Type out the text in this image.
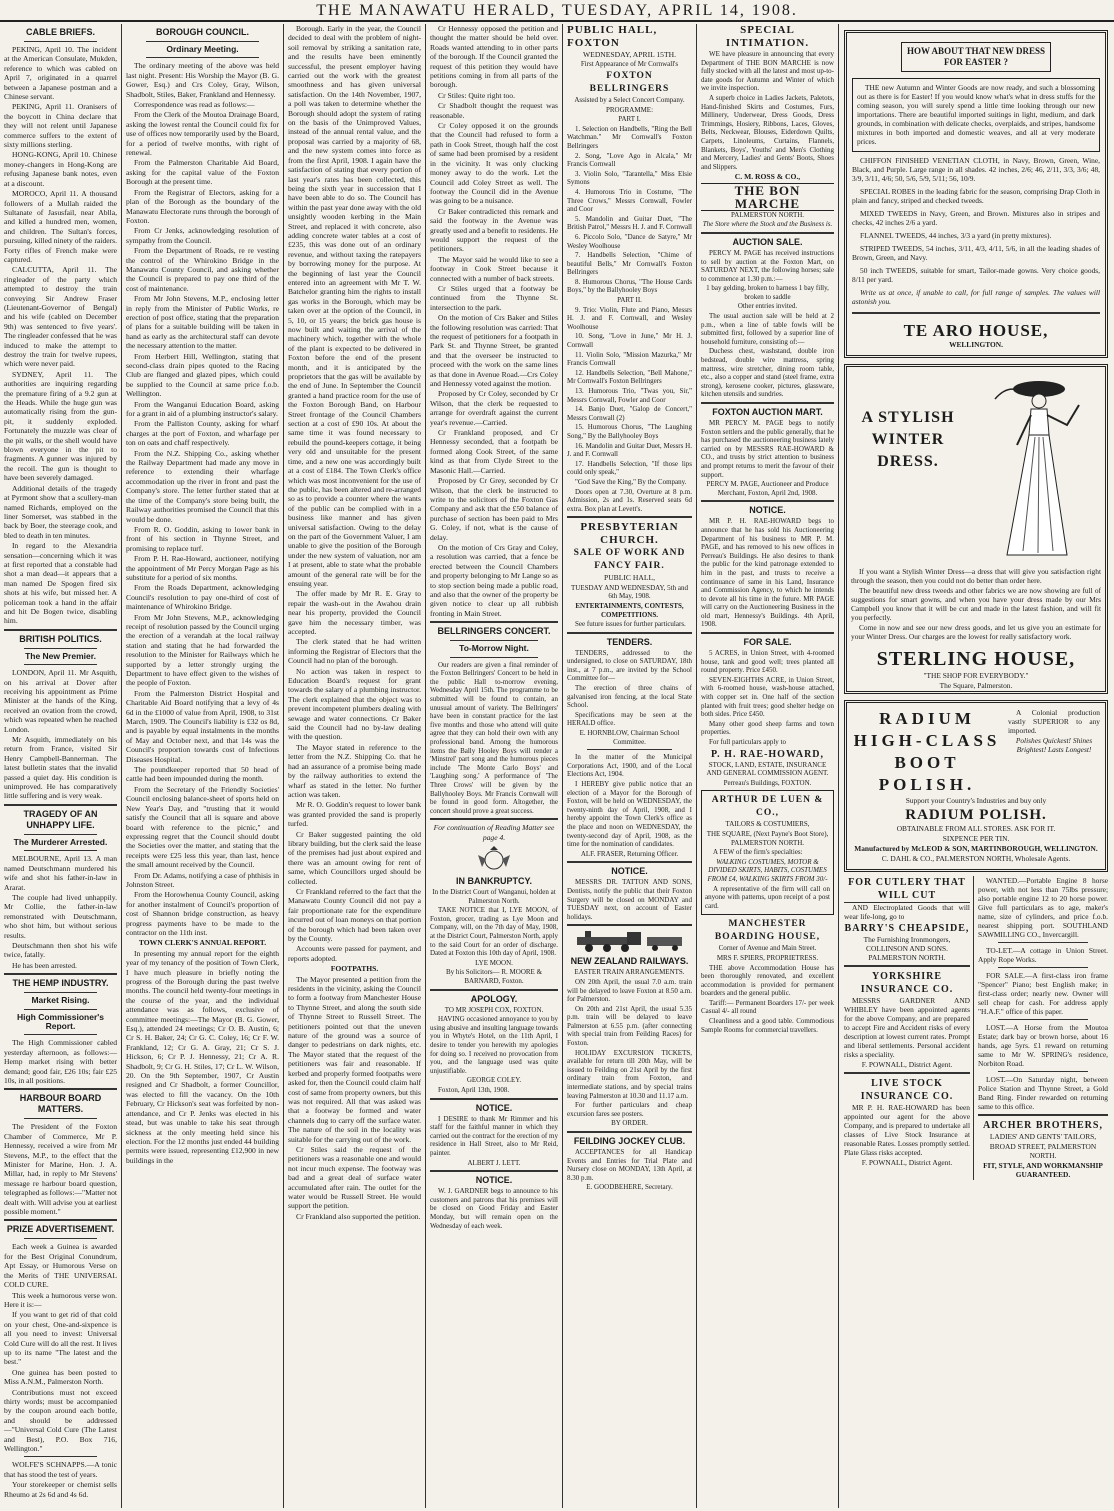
THE MANAWATU HERALD, TUESDAY, APRIL 14, 1908.
CABLE BRIEFS.

PEKING, April 10. The incident at the American Consulate, Mukden, reference to which was cabled on April 7, originated in a quarrel between a Japanese postman and a Chinese servant.

PEKING, April 11. Oranisers of the boycott in China declare that they will not relent until Japanese commerce suffers to the extent of sixty millions sterling.

HONG-KONG, April 10. Chinese money-changers in Hong-Kong are refusing Japanese bank notes, even at a discount.

MOROCO, April 11. A thousand followers of a Mullah raided the Sultanate of Jasusfail, near Ablla, and killed a hundred men, women, and children. The Sultan's forces, pursuing, killed ninety of the raiders. Forty rifles of French make were captured.

CALCUTTA, April 11. The ringleader of the party which attempted to destroy the train conveying Sir Andrew Fraser (Lieutenant-Governor of Bengal) and his wife (cabled on December 9th) was sentenced to five years'. The ringleader confessed that he was induced to make the attempt to destroy the train for twelve rupees, which were never paid.

SYDNEY, April 11. The authorities are inquiring regarding the premature firing of a 9.2 gun at the Heads. While the huge gun was automatically rising from the gun-pit, it suddenly exploded. Fortunately the muzzle was clear of the pit walls, or the shell would have blown everyone in the pit to fragments. A gunner was injured by the recoil. The gun is thought to have been severely damaged.

Additional details of the tragedy at Pyrmont show that a scullery-man named Richards, employed on the liner Somerset, was stabbed in the back by Boer, the steerage cook, and bled to death in ten minutes.

In regard to the Alexandria sensation—concerning which it was at first reported that a constable had shot a man dead—it appears that a man named De Spogen fired six shots at his wife, but missed her. A policeman took a hand in the affair and hit De Bogen twice, disabling him.

BRITISH POLITICS.
The New Premier.

LONDON, April 11. Mr Asquith, on his arrival at Dover after receiving his appointment as Prime Minister at the hands of the King, received an ovation from the crowd, which was repeated when he reached London.

Mr Asquith, immediately on his return from France, visited Sir Henry Campbell-Bannerman. The latest bulletin states that the invalid passed a quiet day. His condition is unimproved. He has comparatively little suffering and is very weak.

TRAGEDY OF AN UNHAPPY LIFE.
The Murderer Arrested.

MELBOURNE, April 13. A man named Deutschmann murdered his wife and shot his father-in-law in Ararat.

The couple had lived unhappily. Mr Collie, the father-in-law remonstrated with Deutschmann, who shot him, but without serious results.

Deutschmann then shot his wife twice, fatally.

He has been arrested.

THE HEMP INDUSTRY.
Market Rising.
High Commissioner's Report.

The High Commissioner cabled yesterday afternoon, as follows:—Hemp market rising with better demand; good fair, £26 10s; fair £25 10s, in all positions.

HARBOUR BOARD MATTERS.

The President of the Foxton Chamber of Commerce, Mr P. Hennessy, received a wire from Mr Stevens, M.P., to the effect that the Minister for Marine, Hon. J. A. Millar, had, in reply to Mr Stevens' message re harbour board question, telegraphed as follows:—"Matter not dealt with. Will advise you at earliest possible moment."

PRIZE ADVERTISEMENT.

Each week a Guinea is awarded for the Best Original Conundrum, Apt Essay, or Humorous Verse on the Merits of THE UNIVERSAL COLD CURE.

This week a humorous verse won. Here it is:—

If you want to get rid of that cold on your chest, One-and-sixpence is all you need to invest: Universal Cold Cure will do all the rest. It lives up to its name "The latest and the best."

One guinea has been posted to Miss A.N.M., Palmerston North.

Contributions must not exceed thirty words; must be accompanied by the coupon around each bottle, and should be addressed—"Universal Cold Cure (The Latest and Best), P.O. Box 716, Wellington."

WOLFE'S SCHNAPPS.—A tonic that has stood the test of years.

Your storekeeper or chemist sells Rheumo at 2s 6d and 4s 6d.

BOROUGH COUNCIL.
Ordinary Meeting.

The ordinary meeting of the above was held last night. Present: His Worship the Mayor (B. G. Gower, Esq.) and Crs Coley, Gray, Wilson, Shadbolt, Stiles, Baker, Frankland and Hennessy.

Correspondence was read as follows:—

From the Clerk of the Moutoa Drainage Board, asking the lowest rental the Council could fix for use of offices now temporarily used by the Board, for a period of twelve months, with right of renewal.

From the Palmerston Charitable Aid Board, asking for the capital value of the Foxton Borough at the present time.

From the Registrar of Electors, asking for a plan of the Borough as the boundary of the Manawatu Electorate runs through the borough of Foxton.

From Cr Jenks, acknowledging resolution of sympathy from the Council.

From the Department of Roads, re re vesting the control of the Whirokino Bridge in the Manawatu County Council, and asking whether the Council is prepared to pay one third of the cost of maintenance.

From Mr John Stevens, M.P., enclosing letter in reply from the Minister of Public Works, re erection of post office, stating that the preparation of plans for a suitable building will be taken in hand as early as the architectural staff can devote the necessary attention to the matter.

From Herbert Hill, Wellington, stating that second-class drain pipes quoted to the Racing Club are flanged and glazed pipes, which could be supplied to the Council at same price f.o.b. Wellington.

From the Wanganui Education Board, asking for a grant in aid of a plumbing instructor's salary.

From the Palliston County, asking for wharf charges at the port of Foxton, and wharfage per ton on oats and chaff respectively.

From the N.Z. Shipping Co., asking whether the Railway Department had made any move in reference to extending their wharfage accommodation up the river in front and past the Company's store. The letter further stated that at the time of the Company's store being built, the Railway authorities promised the Council that this would be done.

From R. O. Goddin, asking to lower bank in front of his section in Thynne Street, and promising to replace turf.

From P. H. Rae-Howard, auctioneer, notifying the appointment of Mr Percy Morgan Page as his substitute for a period of six months.

From the Roads Department, acknowledging Council's resolution to pay one-third of cost of maintenance of Whirokino Bridge.

From Mr John Stevens, M.P., acknowledging receipt of resolution passed by the Council urging the erection of a verandah at the local railway station and stating that he had forwarded the resolution to the Minister for Railways which he supported by a letter strongly urging the Department to have effect given to the wishes of the people of Foxton.

From the Palmerston District Hospital and Charitable Aid Board notifying that a levy of 4s 6d in the £1000 of value from April, 1908, to 31st March, 1909. The Council's liability is £32 os 8d, and is payable by equal instalments in the months of May and October next, and that 14s was the Council's proportion towards cost of Infectious Diseases Hospital.

The poundkeeper reported that 50 head of cattle had been impounded during the month.

From the Secretary of the Friendly Societies' Council enclosing balance-sheet of sports held on New Year's Day, and "trusting that it would satisfy the Council that all is square and above board with reference to the picnic," and expressing regret that the Council should doubt the Societies over the matter, and stating that the receipts were £25 less this year, than last, hence the small amount received by the Council.

From Dr. Adams, notifying a case of phthisis in Johnston Street.

From the Horowhenua County Council, asking for another instalment of Council's proportion of cost of Shannon bridge construction, as heavy progress payments have to be made to the contractor on the 11th inst.

TOWN CLERK'S ANNUAL REPORT.

In presenting my annual report for the eighth year of my tenancy of the position of Town Clerk, I have much pleasure in briefly noting the progress of the Borough during the past twelve months. The council held twenty-four meetings in the course of the year, and the individual attendance was as follows, exclusive of committee meetings:—The Mayor (B. G. Gower, Esq.), attended 24 meetings; Cr O. B. Austin, 6; Cr S. H. Baker, 24; Cr G. C. Coley, 16; Cr F. W. Frankland, 12; Cr G. A. Gray, 21; Cr S. J. Hickson, 6; Cr P. J. Hennessy, 21; Cr A. R. Shadbolt, 9; Cr G. H. Stiles, 17; Cr L. W. Wilson, 20. On the 9th September, 1907, Cr Austin resigned and Cr Shadbolt, a former Councillor, was elected to fill the vacancy. On the 10th February, Cr Hickson's seat was forfeited by non-attendance, and Cr P. Jenks was elected in his stead, but was unable to take his seat through sickness at the only meeting held since his election. For the 12 months just ended 44 building permits were issued, representing £12,900 in new buildings in the

Borough. Early in the year, the Council decided to deal with the problem of night-soil removal by striking a sanitation rate, and the results have been eminently successful, the present employer having carried out the work with the greatest smoothness and has given universal satisfaction. On the 14th November, 1907, a poll was taken to determine whether the Borough should adopt the system of rating on the basis of the Unimproved Values, instead of the annual rental value, and the proposal was carried by a majority of 68, and the new system comes into force as from the first April, 1908. I again have the satisfaction of stating that every portion of last year's rates has been collected, this being the sixth year in succession that I have been able to do so. The Council has within the past year done away with the old unsightly wooden kerbing in the Main Street, and replaced it with concrete, also adding concrete water tables at a cost of £235, this was done out of an ordinary revenue, and without taxing the ratepayers by borrowing money for the purpose. At the beginning of last year the Council entered into an agreement with Mr T. W. Batchelor granting him the rights to install gas works in the Borough, which may be taken over at the option of the Council, in 5, 10, or 15 years; the brick gas house is now built and waiting the arrival of the machinery which, together with the whole of the plant is expected to be delivered in Foxton before the end of the present month, and it is anticipated by the proprietors that the gas will be available by the end of June. In September the Council granted a hand practice room for the use of the Foxton Borough Band, on Harbour Street frontage of the Council Chambers section at a cost of £90 10s. At about the same time it was found necessary to rebuild the pound-keepers cottage, it being very old and unsuitable for the present time, and a new one was accordingly built at a cost of £184. The Town Clerk's office which was most inconvenient for the use of the public, has been altered and re-arranged so as to provide a counter where the wants of the public can be complied with in a business like manner and has given universal satisfaction. Owing to the delay on the part of the Government Valuer, I am unable to give the position of the Borough under the new system of valuation, nor am I at present, able to state what the probable amount of the general rate will be for the ensuing year.

The offer made by Mr R. E. Gray to repair the wash-out in the Awahou drain near his property, provided the Council gave him the necessary timber, was accepted.

The clerk stated that he had written informing the Registrar of Electors that the Council had no plan of the borough.

No action was taken in respect to Education Board's request for grant towards the salary of a plumbing instructor. The clerk explained that the object was to prevent incompetent plumbers dealing with sewage and water connections. Cr Baker said the Council had no by-law dealing with the question.

The Mayor stated in reference to the letter from the N.Z. Shipping Co. that he had an assurance of a promise being made by the railway authorities to extend the wharf as stated in the letter. No further action was taken.

Mr R. O. Goddin's request to lower bank was granted provided the sand is properly turfed.

Cr Baker suggested painting the old library building, but the clerk said the lease of the premises had just about expired and there was an amount owing for rent of same, which Councillors urged should be collected.

Cr Frankland referred to the fact that the Manawatu County Council did not pay a fair proportionate rate for the expenditure incurred out of loan moneys on that portion of the borough which had been taken over by the County.

Accounts were passed for payment, and reports adopted.

FOOTPATHS.

The Mayor presented a petition from the residents in the vicinity, asking the Council to form a footway from Manchester House to Thynne Street, and along the south side of Thynne Street to Russell Street. The petitioners pointed out that the uneven nature of the ground was a source of danger to pedestrians on dark nights, etc. The Mayor stated that the request of the petitioners was fair and reasonable. If kerbed and properly formed footpaths were asked for, then the Council could claim half cost of same from property owners, but this was not required. All that was asked was that a footway be formed and water channels dug to carry off the surface water. The nature of the soil in the locality was suitable for the carrying out of the work.

Cr Stiles said the request of the petitioners was a reasonable one and would not incur much expense. The footway was bad and a great deal of surface water accumulated after rain. The outlet for the water would be Russell Street. He would support the petition.

Cr Frankland also supported the petition.

Cr Hennessy opposed the petition and thought the matter should be held over. Roads wanted attending to in other parts of the borough. If the Council granted the request of this petition they would have petitions coming in from all parts of the borough.

Cr Stiles: Quite right too.

Cr Shadbolt thought the request was reasonable.

Cr Coley opposed it on the grounds that the Council had refused to form a path in Cook Street, though half the cost of same had been promised by a resident in the vicinity. It was only clucking money away to do the work. Let the Council add Coley Street as well. The footway the Council did in the Avenue was going to be a nuisance.

Cr Baker contradicted this remark and said the footway in the Avenue was greatly used and a benefit to residents. He would support the request of the petitioners.

The Mayor said he would like to see a footway in Cook Street because it connected with a number of back streets.

Cr Stiles urged that a footway be continued from the Thynne St. intersection to the park.

On the motion of Crs Baker and Stiles the following resolution was carried: That the request of petitioners for a footpath in Park St. and Thynne Street, be granted and that the overseer be instructed to proceed with the work on the same lines as that done in Avenue Road.—Crs Coley and Hennessy voted against the motion.

Proposed by Cr Coley, seconded by Cr Wilson, that the clerk be requested to arrange for overdraft against the current year's revenue.—Carried.

Cr Frankland proposed, and Cr Hennessy seconded, that a footpath be formed along Cook Street, of the same kind as that from Clyde Street to the Masonic Hall.—Carried.

Proposed by Cr Grey, seconded by Cr Wilson, that the clerk be instructed to write to the solicitors of the Foxton Gas Company and ask that the £50 balance of purchase of section has been paid to Mrs G. Coley, if not, what is the cause of delay.

On the motion of Crs Gray and Coley, a resolution was carried, that a fence be erected between the Council Chambers and property belonging to Mr Lange so as to stop section being made a public road, and also that the owner of the property be given notice to clear up all rubbish fronting in Main Street.

BELLRINGERS CONCERT.
To-Morrow Night.

Our readers are given a final reminder of the Foxton Bellringers' Concert to be held in the public Hall to-morrow evening, Wednesday April 15th. The programme to be submitted will be found to contain, an unusual amount of variety. The Bellringers' have been in constant practice for the last five months and those who attend will quite agree that they can hold their own with any professional band. Among the humorous items the Bally Hooley Boys will render a 'Minstrel' part song and the humorous pieces include 'The Monte Carlo Boys' and 'Laughing song.' A performance of 'The Three Crows' will be given by the Ballyhooley Boys. Mr Francis Cornwall will be found in good form. Altogether, the concert should prove a great success.

For continuation of Reading Matter see page 4.

IN BANKRUPTCY.

In the District Court of Wanganui, holden at Palmerston North.

TAKE NOTICE that I, LYE MOON, of Foxton, grocer, trading as Lye Moon and Company, will, on the 7th day of May, 1908, at the District Court, Palmerston North, apply to the said Court for an order of discharge. Dated at Foxton this 10th day of April, 1908.

LYE MOON.

By his Solicitors— R. MOORE & BARNARD, Foxton.

APOLOGY.

TO MR JOSEPH COX, FOXTON.

HAVING occasioned annoyance to you by using abusive and insulting language towards you in Whyte's Hotel, on the 11th April, I desire to tender you herewith my apologies for doing so. I received no provocation from you, and the language used was quite unjustifiable.

GEORGE COLEY.

Foxton, April 13th, 1908.

NOTICE.

I DESIRE to thank Mr Rimmer and his staff for the faithful manner in which they carried out the contract for the erection of my residence in Hall Street, also to Mr Reid, painter.

ALBERT J. LETT.

NOTICE.

W. J. GARDNER begs to announce to his customers and patrons that his premises will be closed on Good Friday and Easter Monday, but will remain open on the Wednesday of each week.

PUBLIC HALL, FOXTON

WEDNESDAY, APRIL 15TH.

First Appearance of Mr Cornwall's

FOXTON BELLRINGERS

Assisted by a Select Concert Company.

PROGRAMME:

PART I.

1. Selection on Handbells, "Ring the Bell Watchman." Mr Cornwall's Foxton Bellringers

2. Song, "Love Ago in Alcala," Mr Francis Cornwall

3. Violin Solo, "Tarantella," Miss Elsie Symons

4. Humorous Trio in Costume, "The Three Crows," Messrs Cornwall, Fowler and Coor

5. Mandolin and Guitar Duet, "The British Patrol," Messrs H. J. and F. Cornwall

6. Piccolo Solo, "Dance de Satyre," Mr Wesley Woolhouse

7. Handbells Selection, "Chime of beautiful Bells," Mr Cornwall's Foxton Bellringers

8. Humorous Chorus, "The House Cards Boys," by the Ballyhooley Boys

PART II.

9. Trio: Violin, Flute and Piano, Messrs H. J. and F. Cornwall, and Wesley Woolhouse

10. Song, "Love in June," Mr H. J. Cornwall

11. Violin Solo, "Mission Mazurka," Mr Francis Cornwall

12. Handbells Selection, "Bell Mahone," Mr Cornwall's Foxton Bellringers

13. Humorous Trio, "Twas you, Sir," Messrs Cornwall, Fowler and Coor

14. Banjo Duet, "Galop de Concert," Messrs Cornwall (2)

15. Humorous Chorus, "The Laughing Song," By the Ballyhooley Boys

16. Mandolin and Guitar Duet, Messrs H. J. and F. Cornwall

17. Handbells Selection, "If those lips could only speak,"

"God Save the King," By the Company.

Doors open at 7.30, Overture at 8 p.m. Admission, 2s and 1s. Reserved seats 6d extra. Box plan at Levett's.

PRESBYTERIAN CHURCH.
SALE OF WORK AND FANCY FAIR.

PUBLIC HALL,

TUESDAY AND WEDNESDAY, 5th and 6th May, 1908.

ENTERTAINMENTS, CONTESTS, COMPETITIONS.

See future issues for further particulars.

TENDERS.

TENDERS, addressed to the undersigned, to close on SATURDAY, 18th inst., at 7 p.m., are invited by the School Committee for—

The erection of three chains of galvanised iron fencing, at the local State School.

Specifications may be seen at the HERALD office.

E. HORNBLOW, Chairman School Committee.

In the matter of the Municipal Corporations Act, 1900, and of the Local Elections Act, 1904.

I HEREBY give public notice that an election of a Mayor for the Borough of Foxton, will be held on WEDNESDAY, the twenty-ninth day of April, 1908, and I hereby appoint the Town Clerk's office as the place and noon on WEDNESDAY, the twenty-second day of April, 1908, as the time for the nomination of candidates.

ALF. FRASER, Returning Officer.

NOTICE.

MESSRS DR. TATTON AND SONS, Dentists, notify the public that their Foxton Surgery will be closed on MONDAY and TUESDAY next, on account of Easter holidays.

NEW ZEALAND RAILWAYS.

EASTER TRAIN ARRANGEMENTS.

ON 20th April, the usual 7.0 a.m. train will be delayed to leave Foxton at 8.50 a.m. for Palmerston.

On 20th and 21st April, the usual 5.35 p.m. train will be delayed to leave Palmerston at 6.55 p.m. (after connecting with special train from Feilding Races) for Foxton.

HOLIDAY EXCURSION TICKETS, available for return till 20th May, will be issued to Feilding on 21st April by the first ordinary train from Foxton, and intermediate stations, and by special trains leaving Palmerston at 10.30 and 11.17 a.m.

For further particulars and cheap excursion fares see posters.

BY ORDER.

FEILDING JOCKEY CLUB.

ACCEPTANCES for all Handicap Events and Entries for Trial Plate and Nursery close on MONDAY, 13th April, at 8.30 p.m.

E. GOODBEHERE, Secretary.

SPECIAL INTIMATION.

WE have pleasure in announcing that every Department of THE BON MARCHE is now fully stocked with all the latest and most up-to-date goods for Autumn and Winter of which we invite inspection.

A superb choice in Ladies Jackets, Paletots, Hand-finished Skirts and Costumes, Furs, Millinery, Underwear, Dress Goods, Dress Trimmings, Hosiery, Ribbons, Laces, Gloves, Belts, Neckwear, Blouses, Eiderdown Quilts, Carpets, Linoleums, Curtains, Flannels, Blankets, Boys', Youths' and Men's Clothing and Mercery, Ladies' and Gents' Boots, Shoes and Slippers.

C. M. ROSS & CO.,

THE BON MARCHE

PALMERSTON NORTH.

The Store where the Stock and the Business is.

AUCTION SALE.

PERCY M. PAGE has received instructions to sell by auction at the Foxton Mart, on SATURDAY NEXT, the following horses; sale to commence at 1.30 p.m.:—

1 bay gelding, broken to harness 1 bay filly, broken to saddle

Other entries invited.

The usual auction sale will be held at 2 p.m., when a line of table fowls will be submitted first, followed by a superior line of household furniture, consisting of:—

Duchess chest, washstand, double iron bedstead, double wire mattress, spring mattress, wire stretcher, dining room table, etc., also a copper and stand (steel frame, extra strong), kerosene cooker, pictures, glassware, kitchen utensils and sundries.

FOXTON AUCTION MART.

MR PERCY M. PAGE begs to notify Foxton settlers and the public generally, that he has purchased the auctioneering business lately carried on by MESSRS RAE-HOWARD & CO., and trusts by strict attention to business and prompt returns to merit the favour of their support.

PERCY M. PAGE, Auctioneer and Produce Merchant, Foxton, April 2nd, 1908.

NOTICE.

MR P. H. RAE-HOWARD begs to announce that he has sold his Auctioneering Department of his business to MR P. M. PAGE, and has removed to his new offices in Perreau's Buildings. He also desires to thank the public for the kind patronage extended to him in the past, and trusts to receive a continuance of same in his Land, Insurance and Commission Agency, to which he intends to devote all his time in the future. MR PAGE will carry on the Auctioneering Business in the old mart, Hennessy's Buildings. 4th April, 1908.

FOR SALE.

5 ACRES, in Union Street, with 4-roomed house, tank and good well; trees planted all round property. Price £450.

SEVEN-EIGHTHS ACRE, in Union Street, with 6-roomed house, wash-house attached, with copper set in. One half of the section planted with fruit trees; good shelter hedge on both sides. Price £450.

Many other good sheep farms and town properties.

For full particulars apply to

P. H. RAE-HOWARD,

STOCK, LAND, ESTATE, INSURANCE AND GENERAL COMMISSION AGENT.

Perreau's Buildings, FOXTON.

ARTHUR DE LUEN & CO.,

TAILORS & COSTUMIERS,

THE SQUARE, (Next Payne's Boot Store), PALMERSTON NORTH.

A FEW of the firm's specialties:

WALKING COSTUMES, MOTOR & DIVIDED SKIRTS, HABITS, COSTUMES FROM £4, WALKING SKIRTS FROM 30/-

A representative of the firm will call on anyone with patterns, upon receipt of a post card.

MANCHESTER BOARDING HOUSE,

Corner of Avenue and Main Street.

MRS F. SPIERS, PROPRIETRESS.

THE above Accommodation House has been thoroughly renovated, and excellent accommodation is provided for permanent boarders and the general public.

Tariff:— Permanent Boarders 17/- per week Casual 4/- all round

Cleanliness and a good table. Commodious Sample Rooms for commercial travellers.

HOW ABOUT THAT NEW DRESS FOR EASTER ?

THE new Autumn and Winter Goods are now ready, and such a blossoming out as there is for Easter! If you would know what's what in dress stuffs for the coming season, you will surely spend a little time looking through our new importations. There are beautiful imported suitings in light, medium, and dark grounds, in combination with delicate checks, overplaids, and stripes, handsome mixtures in both imported and domestic weaves, and all at very moderate prices.

CHIFFON FINISHED VENETIAN CLOTH, in Navy, Brown, Green, Wine, Black, and Purple. Large range in all shades. 42 inches, 2/6; 46, 2/11, 3/3, 3/6; 48, 3/9, 3/11, 4/6; 50, 5/6, 5/9, 5/11; 56, 10/9.

SPECIAL ROBES in the leading fabric for the season, comprising Drap Cloth in plain and fancy, striped and checked tweeds.

MIXED TWEEDS in Navy, Green, and Brown. Mixtures also in stripes and checks, 42 inches 2/6 a yard.

FLANNEL TWEEDS, 44 inches, 3/3 a yard (in pretty mixtures).

STRIPED TWEEDS, 54 inches, 3/11, 4/3, 4/11, 5/6, in all the leading shades of Brown, Green, and Navy.

50 inch TWEEDS, suitable for smart, Tailor-made gowns. Very choice goods, 8/11 per yard.

Write us at once, if unable to call, for full range of samples. The values will astonish you.

TE ARO HOUSE,

WELLINGTON.

A STYLISH
WINTER
DRESS.

If you want a Stylish Winter Dress—a dress that will give you satisfaction right through the season, then you could not do better than order here.

The beautiful new dress tweeds and other fabrics we are now showing are full of suggestions for smart gowns, and when you have your dress made by our Mrs Campbell you know that it will be cut and made in the latest fashion, and will fit you perfectly.

Come in now and see our new dress goods, and let us give you an estimate for your Winter Dress. Our charges are the lowest for really satisfactory work.

STERLING HOUSE,

"THE SHOP FOR EVERYBODY."

The Square, Palmerston.

RADIUM HIGH-CLASS BOOT POLISH.

A Colonial production vastly SUPERIOR to any imported.

Polishes Quickest! Shines Brightest! Lasts Longest!

Support your Country's Industries and buy only

RADIUM POLISH.

OBTAINABLE FROM ALL STORES. ASK FOR IT.

SIXPENCE PER TIN.

Manufactured by McLEOD & SON, MARTINBOROUGH, WELLINGTON.

C. DAHL & CO., PALMERSTON NORTH, Wholesale Agents.

FOR CUTLERY THAT WILL CUT

AND Electroplated Goods that will wear life-long, go to

BARRY'S CHEAPSIDE,

The Furnishing Ironmongers, COLLINSON AND SONS. PALMERSTON NORTH.

YORKSHIRE INSURANCE CO.

MESSRS GARDNER AND WHIBLEY have been appointed agents for the above Company, and are prepared to accept Fire and Accident risks of every description at lowest current rates. Prompt and liberal settlements. Personal accident risks a speciality.

F. POWNALL, District Agent.

LIVE STOCK INSURANCE CO.

MR P. H. RAE-HOWARD has been appointed our agent for the above Company, and is prepared to undertake all classes of Live Stock Insurance at reasonable Rates. Losses promptly settled. Plate Glass risks accepted.

F. POWNALL, District Agent.

WANTED.—Portable Engine 8 horse power, with not less than 75lbs pressure; also portable engine 12 to 20 horse power. Give full particulars as to age, maker's name, size of cylinders, and price f.o.b. nearest shipping port. SOUTHLAND SAWMILLING CO., Invercargill.

TO-LET.—A cottage in Union Street. Apply Rope Works.

FOR SALE.—A first-class iron frame "Spencer" Piano; best English make; in first-class order; nearly new. Owner will sell cheap for cash. For address apply "H.A.F." office of this paper.

LOST.—A Horse from the Moutoa Estate; dark bay or brown horse, about 16 hands, age 5yrs. £1 reward on returning same to Mr W. SPRING's residence, Norbiton Road.

LOST.—On Saturday night, between Police Station and Thynne Street, a Gold Band Ring. Finder rewarded on returning same to this office.

ARCHER BROTHERS,

LADIES' AND GENTS' TAILORS,

BROAD STREET, PALMERSTON NORTH.

FIT, STYLE, AND WORKMANSHIP GUARANTEED.
